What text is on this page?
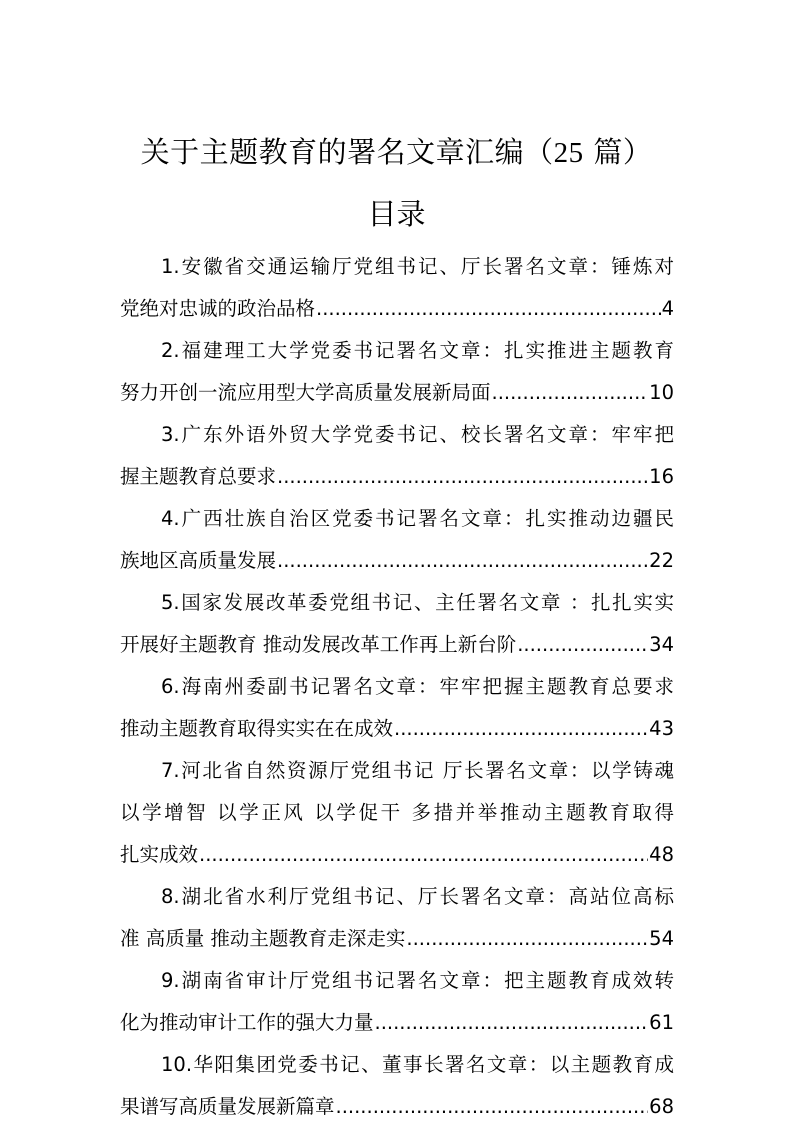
关于主题教育的署名文章汇编（25 篇）
目录
1.安徽省交通运输厅党组书记、厅长署名文章：锤炼对
党绝对忠诚的政治品格 .....	4
2.福建理工大学党委书记署名文章：扎实推进主题教育
努力开创一流应用型大学高质量发展新局面 .....	10
3.广东外语外贸大学党委书记、校长署名文章：牢牢把
握主题教育总要求 .....	16
4.广西壮族自治区党委书记署名文章：扎实推动边疆民
族地区高质量发展 .....	22
5.国家发展改革委党组书记、主任署名文章 ：扎扎实实
开展好主题教育 推动发展改革工作再上新台阶 .....	34
6.海南州委副书记署名文章：牢牢把握主题教育总要求
推动主题教育取得实实在在成效 .....	43
7.河北省自然资源厅党组书记 厅长署名文章：以学铸魂
以学增智 以学正风 以学促干 多措并举推动主题教育取得
扎实成效 .....	48
8.湖北省水利厅党组书记、厅长署名文章：高站位高标
准 高质量 推动主题教育走深走实 .....	54
9.湖南省审计厅党组书记署名文章：把主题教育成效转
化为推动审计工作的强大力量 .....	61
10.华阳集团党委书记、董事长署名文章：以主题教育成
果谱写高质量发展新篇章 .....	68
